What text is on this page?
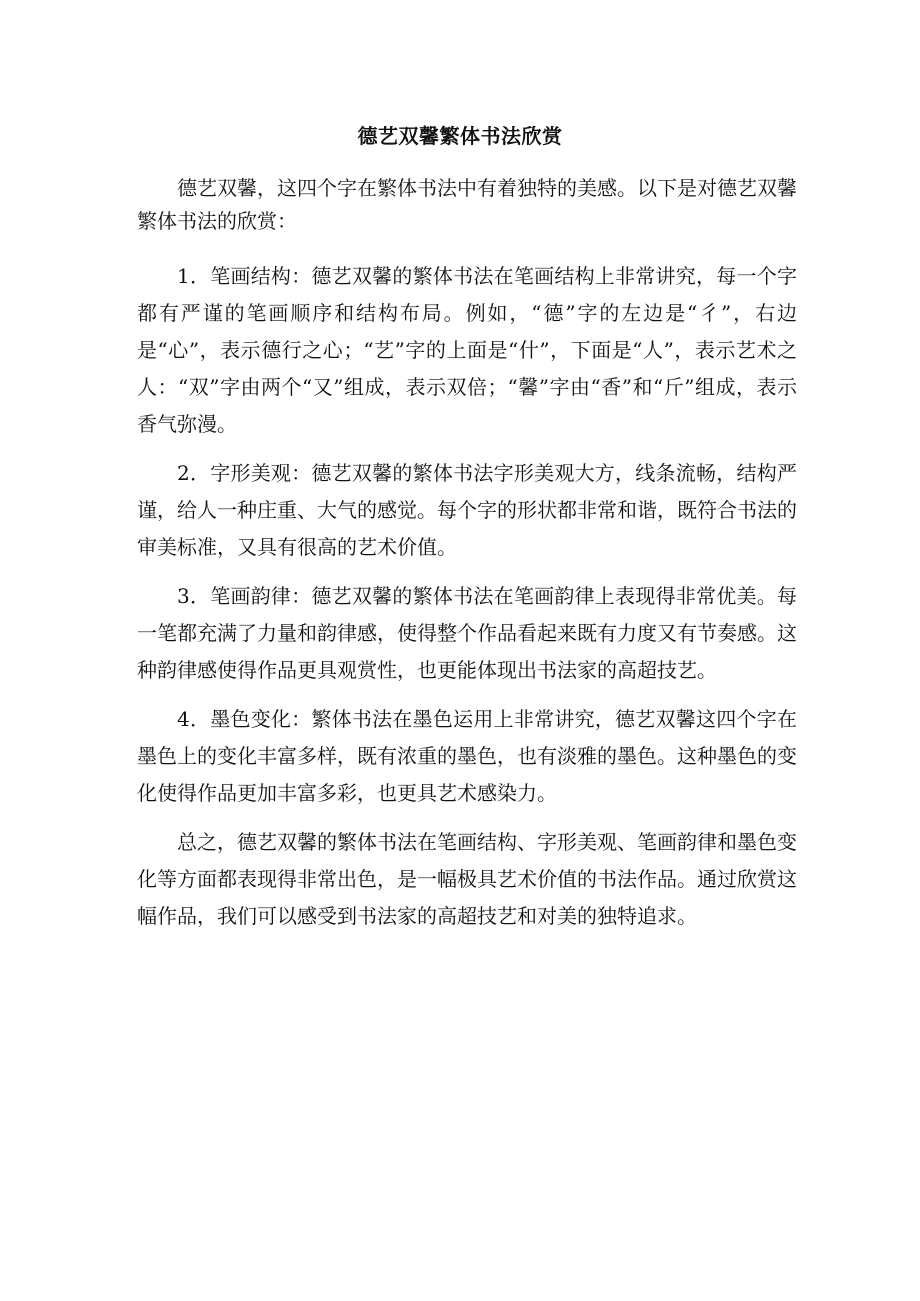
德艺双馨繁体书法欣赏

德艺双馨，这四个字在繁体书法中有着独特的美感。以下是对德艺双馨繁体书法的欣赏：

1．笔画结构：德艺双馨的繁体书法在笔画结构上非常讲究，每一个字都有严谨的笔画顺序和结构布局。例如，“德”字的左边是“彳”，右边是“心”，表示德行之心；“艺”字的上面是“什”，下面是“人”，表示艺术之人：“双”字由两个“又”组成，表示双倍；“馨”字由“香”和“斤”组成，表示香气弥漫。

2．字形美观：德艺双馨的繁体书法字形美观大方，线条流畅，结构严谨，给人一种庄重、大气的感觉。每个字的形状都非常和谐，既符合书法的审美标准，又具有很高的艺术价值。

3．笔画韵律：德艺双馨的繁体书法在笔画韵律上表现得非常优美。每一笔都充满了力量和韵律感，使得整个作品看起来既有力度又有节奏感。这种韵律感使得作品更具观赏性，也更能体现出书法家的高超技艺。

4．墨色变化：繁体书法在墨色运用上非常讲究，德艺双馨这四个字在墨色上的变化丰富多样，既有浓重的墨色，也有淡雅的墨色。这种墨色的变化使得作品更加丰富多彩，也更具艺术感染力。

总之，德艺双馨的繁体书法在笔画结构、字形美观、笔画韵律和墨色变化等方面都表现得非常出色，是一幅极具艺术价值的书法作品。通过欣赏这幅作品，我们可以感受到书法家的高超技艺和对美的独特追求。
